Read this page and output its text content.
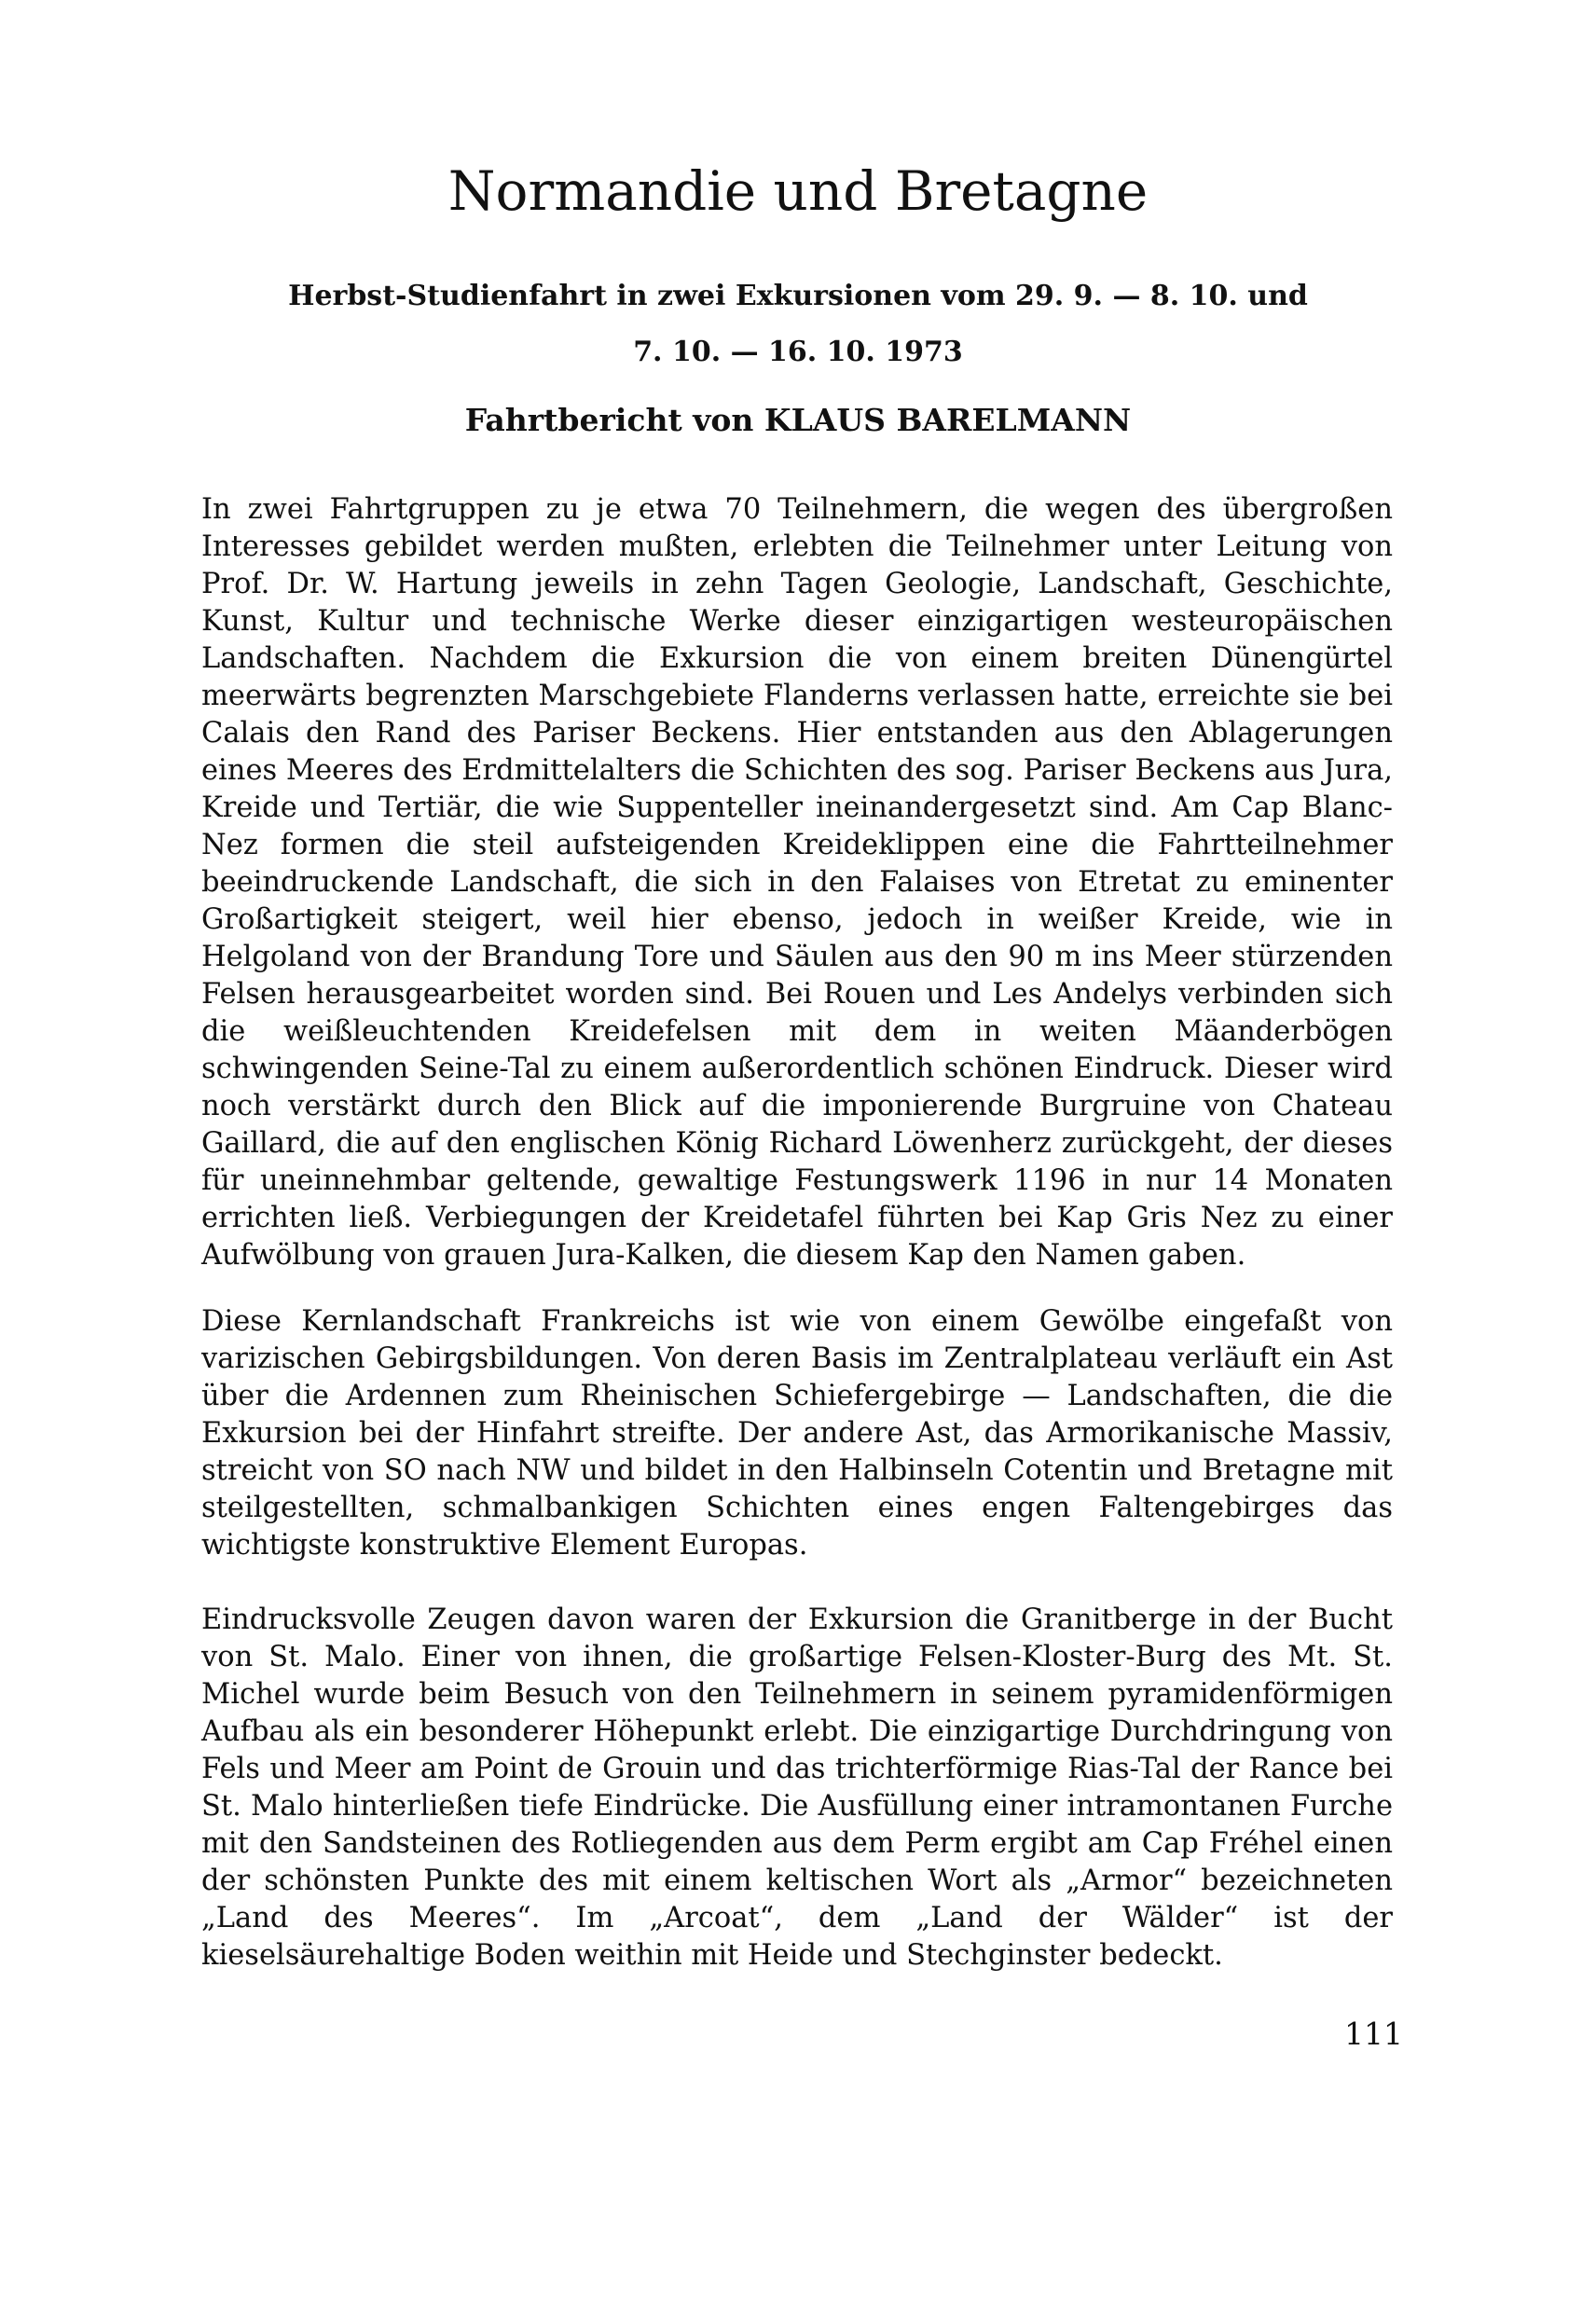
Normandie und Bretagne

Herbst-Studienfahrt in zwei Exkursionen vom 29. 9. — 8. 10. und

7. 10. — 16. 10. 1973

Fahrtbericht von KLAUS BARELMANN

In zwei Fahrtgruppen zu je etwa 70 Teilnehmern, die wegen des übergroßen Interesses gebildet werden mußten, erlebten die Teilnehmer unter Leitung von Prof. Dr. W. Hartung jeweils in zehn Tagen Geologie, Landschaft, Geschichte, Kunst, Kultur und technische Werke dieser einzigartigen westeuropäischen Landschaften. Nachdem die Exkursion die von einem breiten Dünengürtel meerwärts begrenzten Marschgebiete Flanderns verlassen hatte, erreichte sie bei Calais den Rand des Pariser Beckens. Hier entstanden aus den Ablagerungen eines Meeres des Erdmittelalters die Schichten des sog. Pariser Beckens aus Jura, Kreide und Tertiär, die wie Suppenteller ineinandergesetzt sind. Am Cap Blanc-Nez formen die steil aufsteigenden Kreideklippen eine die Fahrtteilnehmer beeindruckende Landschaft, die sich in den Falaises von Etretat zu eminenter Großartigkeit steigert, weil hier ebenso, jedoch in weißer Kreide, wie in Helgoland von der Brandung Tore und Säulen aus den 90 m ins Meer stürzenden Felsen herausgearbeitet worden sind. Bei Rouen und Les Andelys verbinden sich die weißleuchtenden Kreidefelsen mit dem in weiten Mäanderbögen schwingenden Seine-Tal zu einem außerordentlich schönen Eindruck. Dieser wird noch verstärkt durch den Blick auf die imponierende Burgruine von Chateau Gaillard, die auf den englischen König Richard Löwenherz zurückgeht, der dieses für uneinnehmbar geltende, gewaltige Festungswerk 1196 in nur 14 Monaten errichten ließ. Verbiegungen der Kreidetafel führten bei Kap Gris Nez zu einer Aufwölbung von grauen Jura-Kalken, die diesem Kap den Namen gaben.

Diese Kernlandschaft Frankreichs ist wie von einem Gewölbe eingefaßt von varizischen Gebirgsbildungen. Von deren Basis im Zentralplateau verläuft ein Ast über die Ardennen zum Rheinischen Schiefergebirge — Landschaften, die die Exkursion bei der Hinfahrt streifte. Der andere Ast, das Armorikanische Massiv, streicht von SO nach NW und bildet in den Halbinseln Cotentin und Bretagne mit steilgestellten, schmalbankigen Schichten eines engen Faltengebirges das wichtigste konstruktive Element Europas.

Eindrucksvolle Zeugen davon waren der Exkursion die Granitberge in der Bucht von St. Malo. Einer von ihnen, die großartige Felsen-Kloster-Burg des Mt. St. Michel wurde beim Besuch von den Teilnehmern in seinem pyramidenförmigen Aufbau als ein besonderer Höhepunkt erlebt. Die einzigartige Durchdringung von Fels und Meer am Point de Grouin und das trichterförmige Rias-Tal der Rance bei St. Malo hinterließen tiefe Eindrücke. Die Ausfüllung einer intramontanen Furche mit den Sandsteinen des Rotliegenden aus dem Perm ergibt am Cap Fréhel einen der schönsten Punkte des mit einem keltischen Wort als „Armor“ bezeichneten „Land des Meeres“. Im „Arcoat“, dem „Land der Wälder“ ist der kieselsäurehaltige Boden weithin mit Heide und Stechginster bedeckt.

111
